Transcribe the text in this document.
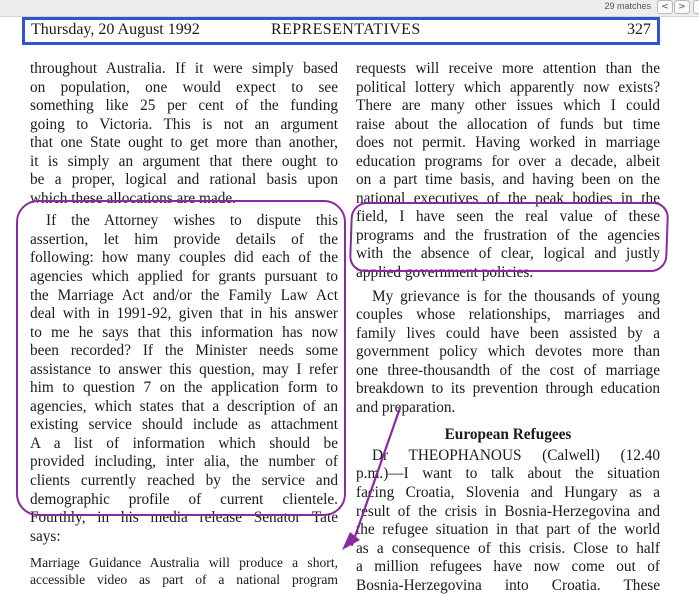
29 matches	<	>
Thursday, 20 August 1992	REPRESENTATIVES	327
throughout Australia. If it were simply based
on population, one would expect to see
something like 25 per cent of the funding
going to Victoria. This is not an argument
that one State ought to get more than another,
it is simply an argument that there ought to
be a proper, logical and rational basis upon
which these allocations are made.
If the Attorney wishes to dispute this
assertion, let him provide details of the
following: how many couples did each of the
agencies which applied for grants pursuant to
the Marriage Act and/or the Family Law Act
deal with in 1991-92, given that in his answer
to me he says that this information has now
been recorded? If the Minister needs some
assistance to answer this question, may I refer
him to question 7 on the application form to
agencies, which states that a description of an
existing service should include as attachment
A a list of information which should be
provided including, inter alia, the number of
clients currently reached by the service and
demographic profile of current clientele.
Fourthly, in his media release Senator Tate
says:
Marriage Guidance Australia will produce a short,
accessible video as part of a national program
requests will receive more attention than the
political lottery which apparently now exists?
There are many other issues which I could
raise about the allocation of funds but time
does not permit. Having worked in marriage
education programs for over a decade, albeit
on a part time basis, and having been on the
national executives of the peak bodies in the
field, I have seen the real value of these
programs and the frustration of the agencies
with the absence of clear, logical and justly
applied government policies.
My grievance is for the thousands of young
couples whose relationships, marriages and
family lives could have been assisted by a
government policy which devotes more than
one three-thousandth of the cost of marriage
breakdown to its prevention through education
and preparation.
European Refugees
Dr THEOPHANOUS (Calwell) (12.40
p.m.)—I want to talk about the situation
facing Croatia, Slovenia and Hungary as a
result of the crisis in Bosnia-Herzegovina and
the refugee situation in that part of the world
as a consequence of this crisis. Close to half
a million refugees have now come out of
Bosnia-Herzegovina into Croatia. These
